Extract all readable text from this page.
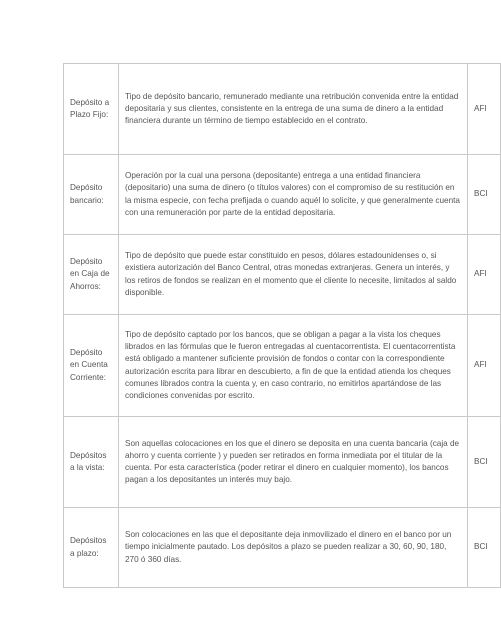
Depósito a Plazo Fijo:	Tipo de depósito bancario, remunerado mediante una retribución convenida entre la entidad depositaria y sus clientes, consistente en la entrega de una suma de dinero a la entidad financiera durante un término de tiempo establecido en el contrato.	AFI
Depósito bancario:	Operación por la cual una persona (depositante) entrega a una entidad financiera (depositario) una suma de dinero (o títulos valores) con el compromiso de su restitución en la misma especie, con fecha prefijada o cuando aquél lo solicite, y que generalmente cuenta con una remuneración por parte de la entidad depositaria.	BCI
Depósito en Caja de Ahorros:	Tipo de depósito que puede estar constituido en pesos, dólares estadounidenses o, si existiera autorización del Banco Central, otras monedas extranjeras. Genera un interés, y los retiros de fondos se realizan en el momento que el cliente lo necesite, limitados al saldo disponible.	AFI
Depósito en Cuenta Corriente:	Tipo de depósito captado por los bancos, que se obligan a pagar a la vista los cheques librados en las fórmulas que le fueron entregadas al cuentacorrentista. El cuentacorrentista está obligado a mantener suficiente provisión de fondos o contar con la correspondiente autorización escrita para librar en descubierto, a fin de que la entidad atienda los cheques comunes librados contra la cuenta y, en caso contrario, no emitirlos apartándose de las condiciones convenidas por escrito.	AFI
Depósitos a la vista:	Son aquellas colocaciones en los que el dinero se deposita en una cuenta bancaria (caja de ahorro y cuenta corriente ) y pueden ser retirados en forma inmediata por el titular de la cuenta. Por esta característica (poder retirar el dinero en cualquier momento), los bancos pagan a los depositantes un interés muy bajo.	BCI
Depósitos a plazo:	Son colocaciones en las que el depositante deja inmovilizado el dinero en el banco por un tiempo inicialmente pautado. Los depósitos a plazo se pueden realizar a 30, 60, 90, 180, 270 ó 360 días.	BCI
